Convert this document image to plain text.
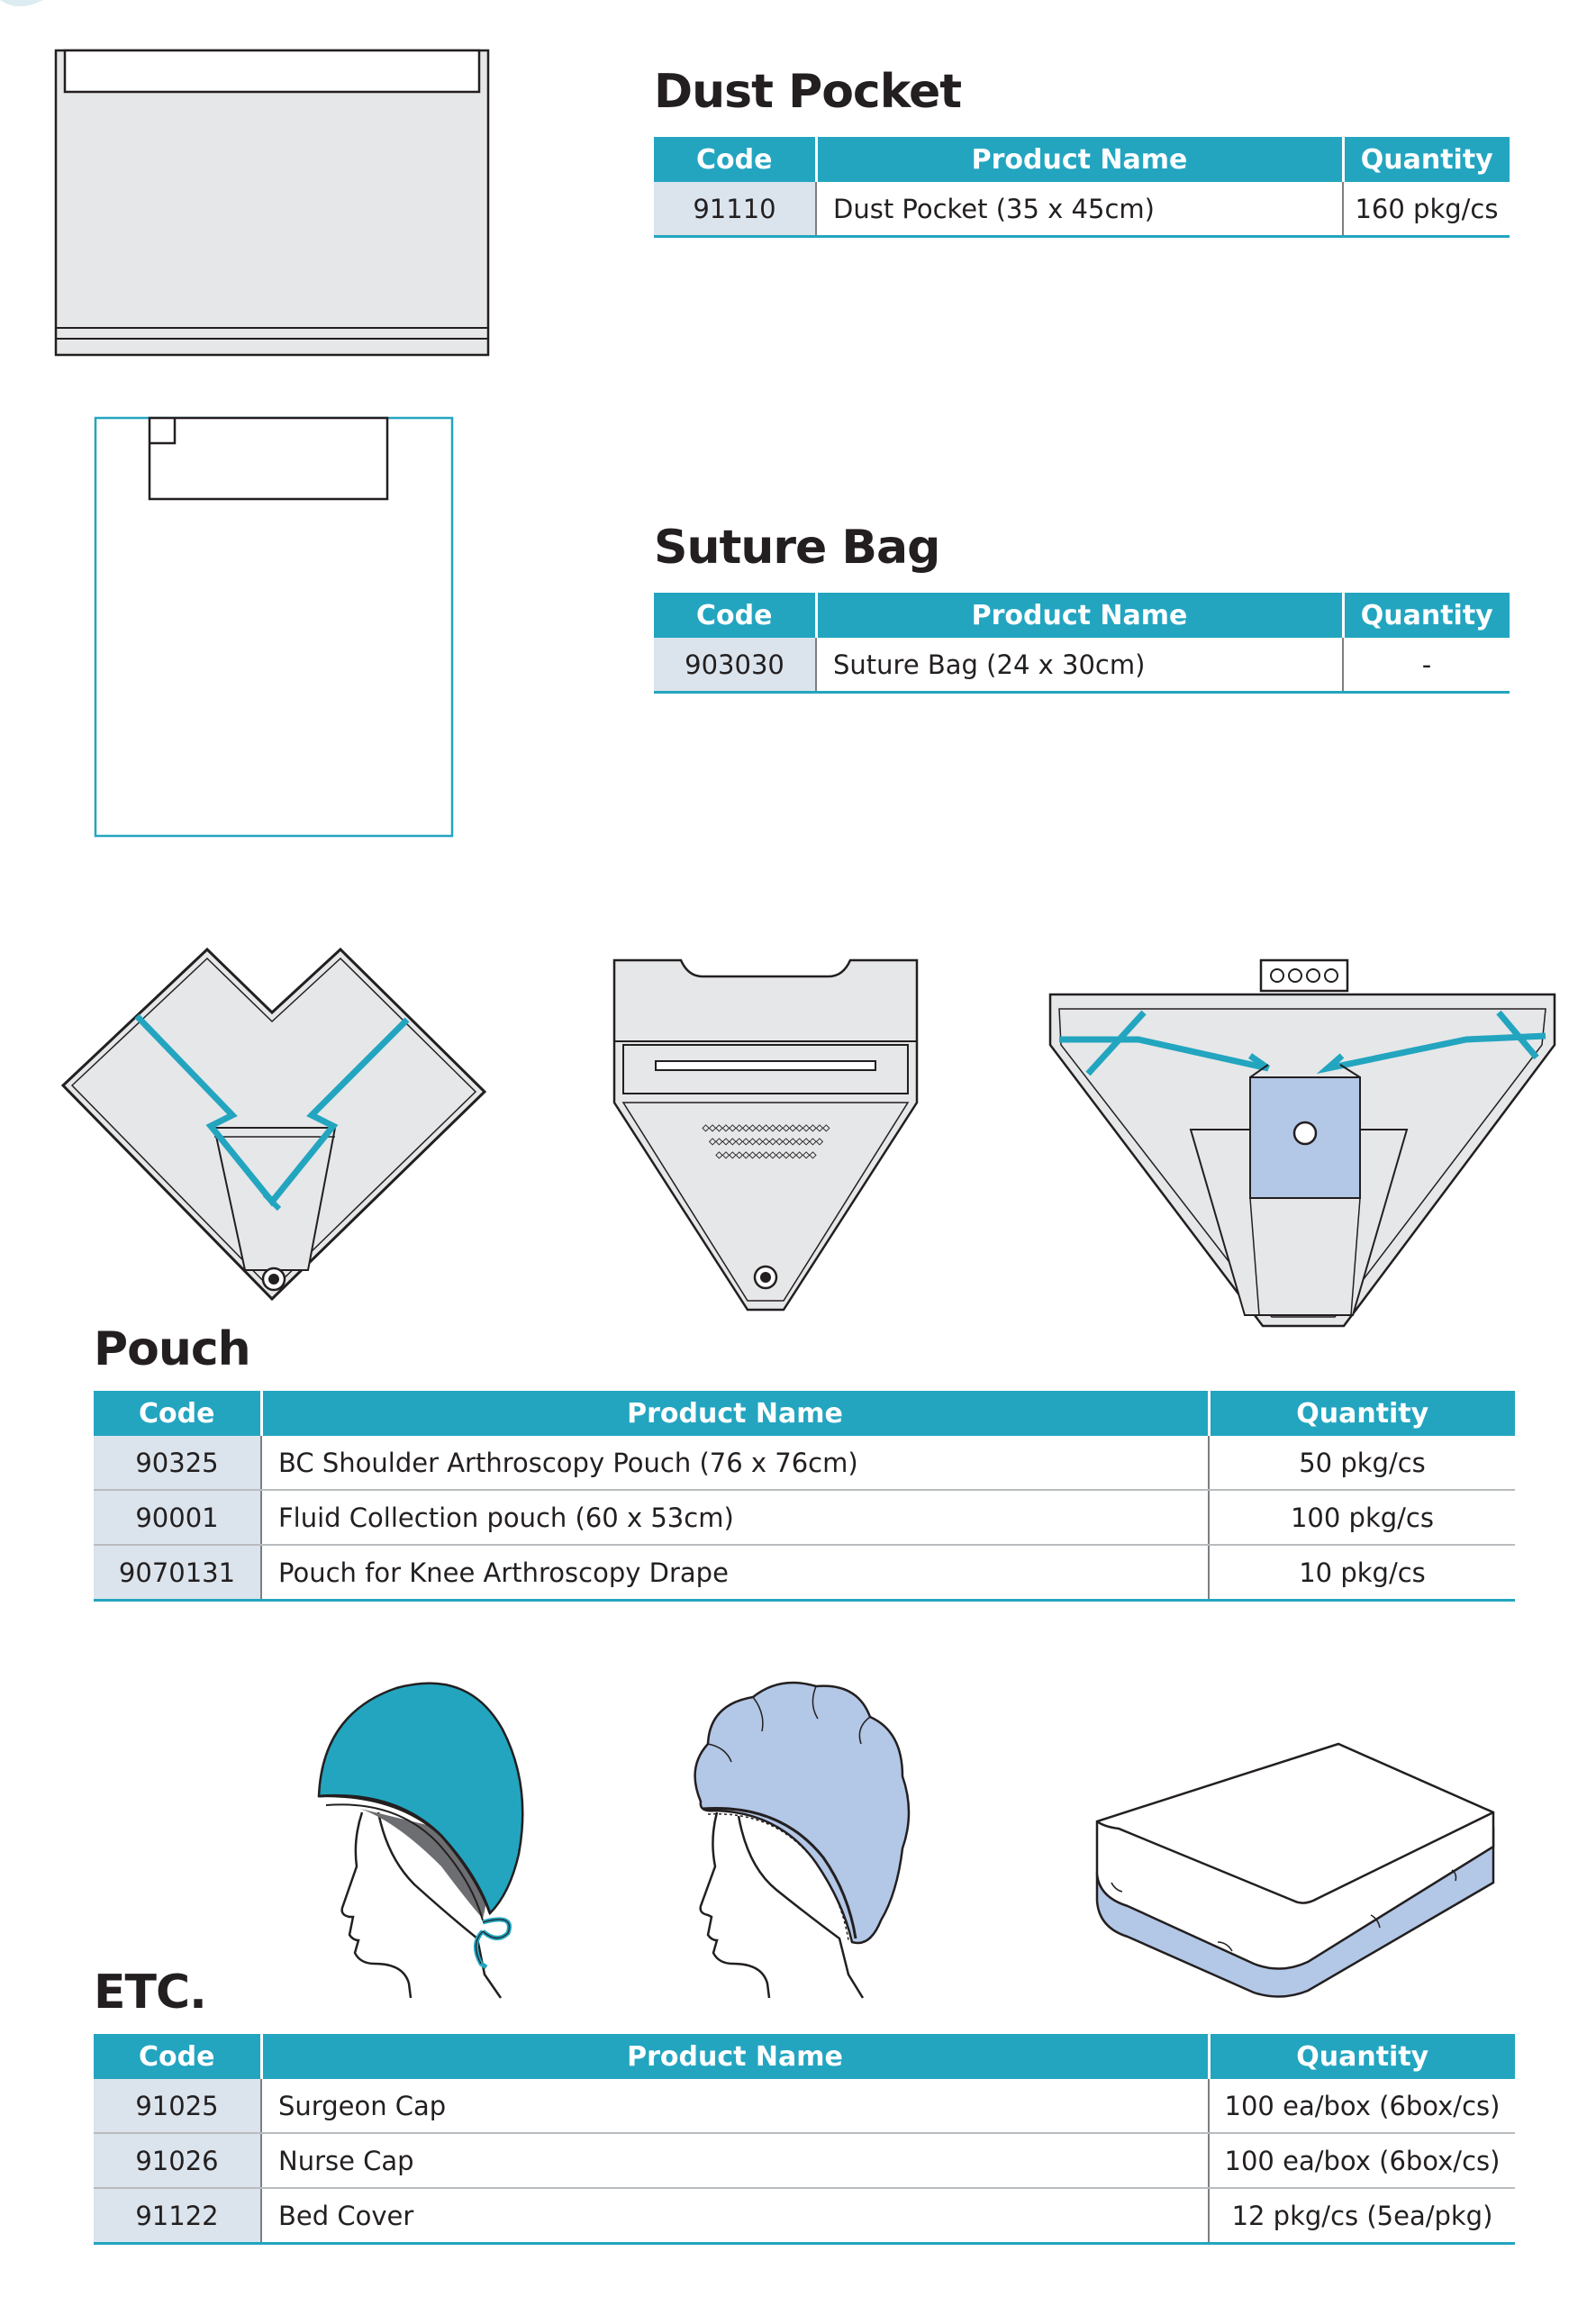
Dust Pocket
Code	Product Name	Quantity
91110	Dust Pocket (35 x 45cm)	160 pkg/cs
Suture Bag
Code	Product Name	Quantity
903030	Suture Bag (24 x 30cm)	-
◇◇◇◇◇◇◇◇◇◇◇◇◇◇◇◇◇◇◇
◇◇◇◇◇◇◇◇◇◇◇◇◇◇◇◇◇
◇◇◇◇◇◇◇◇◇◇◇◇◇◇◇
Pouch
Code	Product Name	Quantity
90325	BC Shoulder Arthroscopy Pouch (76 x 76cm)	50 pkg/cs
90001	Fluid Collection pouch (60 x 53cm)	100 pkg/cs
9070131	Pouch for Knee Arthroscopy Drape	10 pkg/cs
ETC.
Code	Product Name	Quantity
91025	Surgeon Cap	100 ea/box (6box/cs)
91026	Nurse Cap	100 ea/box (6box/cs)
91122	Bed Cover	12 pkg/cs (5ea/pkg)
